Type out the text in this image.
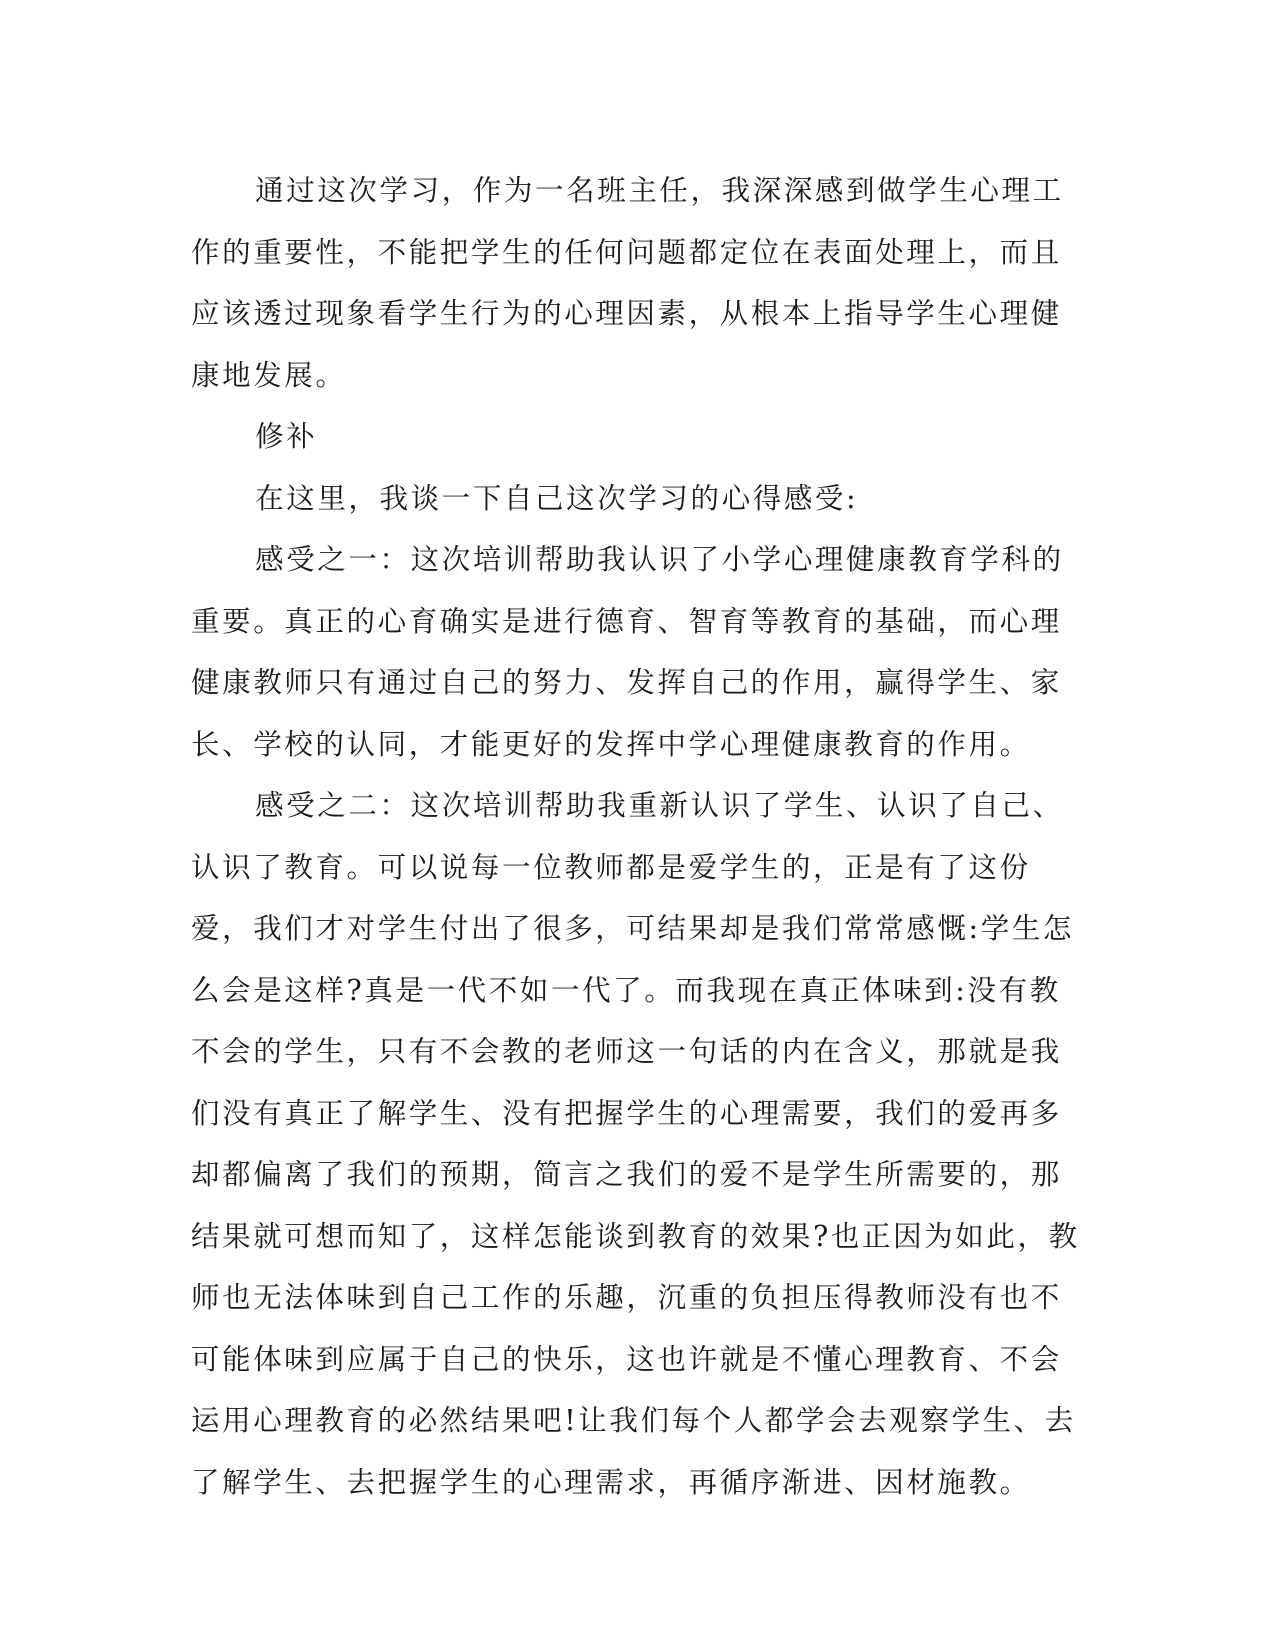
通过这次学习，作为一名班主任，我深深感到做学生心理工作的重要性，不能把学生的任何问题都定位在表面处理上，而且应该透过现象看学生行为的心理因素，从根本上指导学生心理健康地发展。

修补

在这里，我谈一下自己这次学习的心得感受:

感受之一：这次培训帮助我认识了小学心理健康教育学科的重要。真正的心育确实是进行德育、智育等教育的基础，而心理健康教师只有通过自己的努力、发挥自己的作用，赢得学生、家长、学校的认同，才能更好的发挥中学心理健康教育的作用。

感受之二：这次培训帮助我重新认识了学生、认识了自己、认识了教育。可以说每一位教师都是爱学生的，正是有了这份爱，我们才对学生付出了很多，可结果却是我们常常感慨:学生怎么会是这样?真是一代不如一代了。而我现在真正体味到:没有教不会的学生，只有不会教的老师这一句话的内在含义，那就是我们没有真正了解学生、没有把握学生的心理需要，我们的爱再多却都偏离了我们的预期，简言之我们的爱不是学生所需要的，那结果就可想而知了，这样怎能谈到教育的效果?也正因为如此，教师也无法体味到自己工作的乐趣，沉重的负担压得教师没有也不可能体味到应属于自己的快乐，这也许就是不懂心理教育、不会运用心理教育的必然结果吧!让我们每个人都学会去观察学生、去了解学生、去把握学生的心理需求，再循序渐进、因材施教。
